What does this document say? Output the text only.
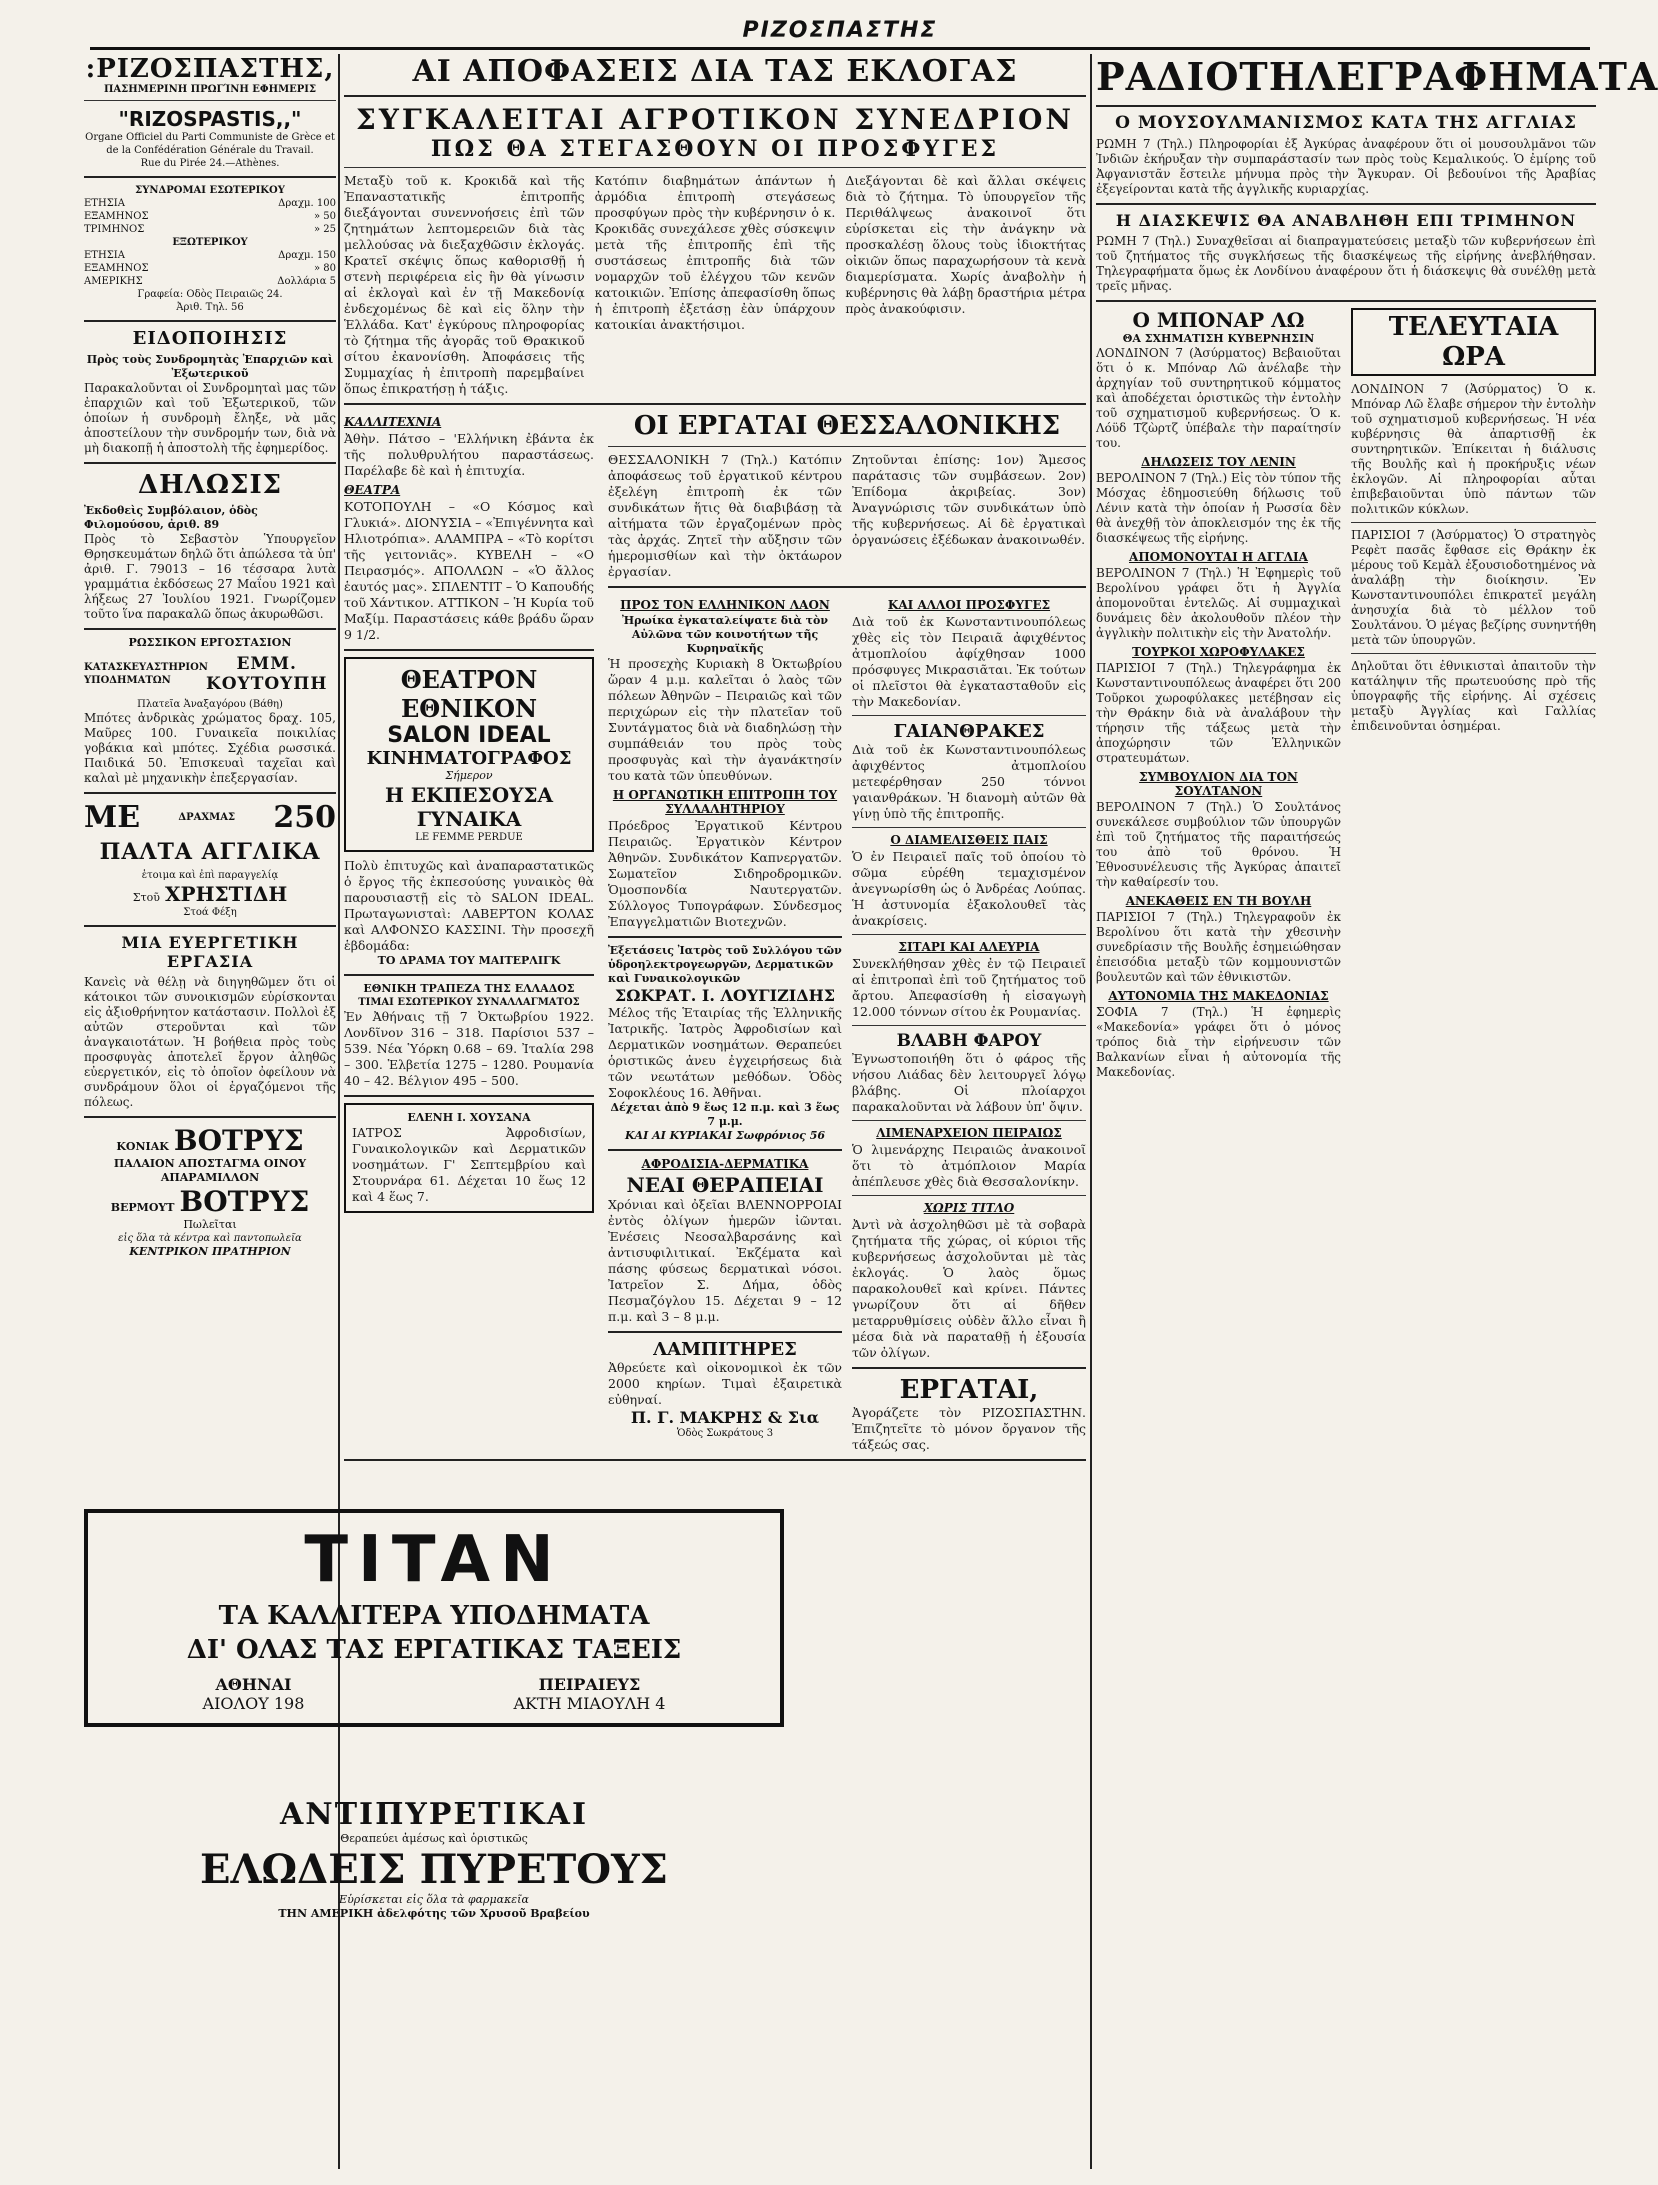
ΡΙΖΟΣΠΑΣΤΗΣ
:ΡΙΖΟΣΠΑΣΤΗΣ,
ΠΑΣΗΜΕΡΙΝΗ ΠΡΩΓΊΝΗ ΕΦΗΜΕΡΙΣ
"RIZOSPASTIS,,"
Organe Officiel du Parti Communiste de Grèce et de la Confédération Générale du Travail.
Rue du Pirée 24.—Athènes.
ΣΥΝΔΡΟΜΑΙ ΕΣΩΤΕΡΙΚΟΥ
ΕΤΗΣΙΑ	Δραχμ. 100
ΕΞΑΜΗΝΟΣ	» 50
ΤΡΙΜΗΝΟΣ	» 25
ΕΞΩΤΕΡΙΚΟΥ
ΕΤΗΣΙΑ	Δραχμ. 150
ΕΞΑΜΗΝΟΣ	» 80
ΑΜΕΡΙΚΗΣ	Δολλάρια 5
Γραφεία: Οδὸς Πειραιῶς 24.
Ἀριθ. Τηλ. 56
ΕΙΔΟΠΟΙΗΣΙΣ
Πρὸς τοὺς Συνδρομητὰς Ἐπαρχιῶν καὶ Ἐξωτερικοῦ
Παρακαλοῦνται οἱ Συνδρομηταὶ μας τῶν ἐπαρχιῶν καὶ τοῦ Ἐξωτερικοῦ, τῶν ὁποίων ἡ συνδρομὴ ἔληξε, νὰ μᾶς ἀποστείλουν τὴν συνδρομήν των, διὰ νὰ μὴ διακοπῇ ἡ ἀποστολὴ τῆς ἐφημερίδος.
ΔΗΛΩΣΙΣ
Ἐκδοθεὶς Συμβόλαιον, ὁδὸς Φιλομούσου, ἀριθ. 89
Πρὸς τὸ Σεβαστὸν Ὑπουργεῖον Θρησκευμάτων δηλῶ ὅτι ἀπώλεσα τὰ ὑπ' ἀριθ. Γ. 79013 – 16 τέσσαρα λυτὰ γραμμάτια ἐκδόσεως 27 Μαΐου 1921 καὶ λήξεως 27 Ἰουλίου 1921. Γνωρίζομεν τοῦτο ἵνα παρακαλῶ ὅπως ἀκυρωθῶσι.
ΡΩΣΣΙΚΟΝ ΕΡΓΟΣΤΑΣΙΟΝ
ΚΑΤΑΣΚΕΥΑΣΤΗΡΙΟΝ ΥΠΟΔΗΜΑΤΩΝ
ΕΜΜ. ΚΟΥΤΟΥΠΗ
Πλατεῖα Ἀναξαγόρου (Βάθη)
Μπότες ἀνδρικὰς χρώματος δραχ. 105, Μαῦρες 100. Γυναικεῖα ποικιλίας γοβάκια καὶ μπότες. Σχέδια ρωσσικά. Παιδικά 50. Ἐπισκευαὶ ταχεῖαι καὶ καλαὶ μὲ μηχανικὴν ἐπεξεργασίαν.
ΜΕ	ΔΡΑΧΜΑΣ 250
ΠΑΛΤΑ ΑΓΓΛΙΚΑ
ἑτοιμα καὶ ἐπὶ παραγγελίᾳ
Στοῦ ΧΡΗΣΤΙΔΗ
Στοά Φέξη
ΜΙΑ ΕΥΕΡΓΕΤΙΚΗ ΕΡΓΑΣΙΑ
Κανεὶς νὰ θέλῃ νὰ διηγηθῶμεν ὅτι οἱ κάτοικοι τῶν συνοικισμῶν εὑρίσκονται εἰς ἀξιοθρήνητον κατάστασιν. Πολλοὶ ἐξ αὐτῶν στεροῦνται καὶ τῶν ἀναγκαιοτάτων. Ἡ βοήθεια πρὸς τοὺς προσφυγὰς ἀποτελεῖ ἔργον ἀληθῶς εὐεργετικόν, εἰς τὸ ὁποῖον ὀφείλουν νὰ συνδράμουν ὅλοι οἱ ἐργαζόμενοι τῆς πόλεως.
ΚΟΝΙΑΚ ΒΟΤΡΥΣ
ΠΑΛΑΙΟΝ ΑΠΟΣΤΑΓΜΑ ΟΙΝΟΥ
ΑΠΑΡΑΜΙΛΛΟΝ
ΒΕΡΜΟΥΤ ΒΟΤΡΥΣ
Πωλεῖται
εἰς ὅλα τὰ κέντρα καὶ παντοπωλεῖα
ΚΕΝΤΡΙΚΟΝ ΠΡΑΤΗΡΙΟΝ
ΑΙ ΑΠΟΦΑΣΕΙΣ ΔΙΑ ΤΑΣ ΕΚΛΟΓΑΣ
ΣΥΓΚΑΛΕΙΤΑΙ ΑΓΡΟΤΙΚΟΝ ΣΥΝΕΔΡΙΟΝ
ΠΩΣ ΘΑ ΣΤΕΓΑΣΘΟΥΝ ΟΙ ΠΡΟΣΦΥΓΕΣ
Μεταξὺ τοῦ κ. Κροκιδᾶ καὶ τῆς Ἐπαναστατικῆς ἐπιτροπῆς διεξάγονται συνεννοήσεις ἐπὶ τῶν ζητημάτων λεπτομερειῶν διὰ τὰς μελλούσας νὰ διεξαχθῶσιν ἐκλογάς. Κρατεῖ σκέψις ὅπως καθορισθῇ ἡ στενὴ περιφέρεια εἰς ἣν θὰ γίνωσιν αἱ ἐκλογαὶ καὶ ἐν τῇ Μακεδονίᾳ ἐνδεχομένως δὲ καὶ εἰς ὅλην τὴν Ἑλλάδα. Κατ' ἐγκύρους πληροφορίας τὸ ζήτημα τῆς ἀγορᾶς τοῦ Θρακικοῦ σίτου ἐκανονίσθη. Ἀποφάσεις τῆς Συμμαχίας ἡ ἐπιτροπὴ παρεμβαίνει ὅπως ἐπικρατήσῃ ἡ τάξις.
Κατόπιν διαβημάτων ἁπάντων ἡ ἀρμόδια ἐπιτροπὴ στεγάσεως προσφύγων πρὸς τὴν κυβέρνησιν ὁ κ. Κροκιδᾶς συνεχάλεσε χθὲς σύσκεψιν μετὰ τῆς ἐπιτροπῆς ἐπὶ τῆς συστάσεως ἐπιτροπῆς διὰ τῶν νομαρχῶν τοῦ ἐλέγχου τῶν κενῶν κατοικιῶν. Ἐπίσης ἀπεφασίσθη ὅπως ἡ ἐπιτροπὴ ἐξετάσῃ ἐὰν ὑπάρχουν κατοικίαι ἀνακτήσιμοι.
Διεξάγονται δὲ καὶ ἄλλαι σκέψεις διὰ τὸ ζήτημα. Τὸ ὑπουργεῖον τῆς Περιθάλψεως ἀνακοινοῖ ὅτι εὑρίσκεται εἰς τὴν ἀνάγκην νὰ προσκαλέσῃ ὅλους τοὺς ἰδιοκτήτας οἰκιῶν ὅπως παραχωρήσουν τὰ κενὰ διαμερίσματα. Χωρίς ἀναβολὴν ἡ κυβέρνησις θὰ λάβῃ δραστήρια μέτρα πρὸς ἀνακούφισιν.
ΚΑΛΛΙΤΕΧΝΙΑ
Ἀθὴν. Πάτσο – 'Ελλήνικη ἐβάντα ἐκ τῆς πολυθρυλήτου παραστάσεως. Παρέλαβε δὲ καὶ ἡ ἐπιτυχία.
ΘΕΑΤΡΑ
ΚΟΤΟΠΟΥΛΗ – «Ο Κόσμος καὶ Γλυκιά». ΔΙΟΝΥΣΙΑ – «Ἐπιγέννητα καὶ Ηλιοτρόπια». ΑΛΑΜΠΡΑ – «Τὸ κορίτσι τῆς γειτονιᾶς». ΚΥΒΕΛΗ – «Ο Πειρασμός». ΑΠΟΛΛΩΝ – «Ὁ ἄλλος ἑαυτός μας». ΣΠΛΕΝΤΙΤ – Ὁ Καπουδής τοῦ Χάντικον. ΑΤΤΙΚΟΝ – Ἡ Κυρία τοῦ Μαξίμ. Παραστάσεις κάθε βράδυ ὥραν 9 1/2.
ΘΕΑΤΡΟΝ ΕΘΝΙΚΟΝ
SALON IDEAL
ΚΙΝΗΜΑΤΟΓΡΑΦΟΣ
Σήμερον
Η ΕΚΠΕΣΟΥΣΑ ΓΥΝΑΙΚΑ
LE FEMME PERDUE
Πολὺ ἐπιτυχῶς καὶ ἀναπαραστατικῶς ὁ ἔργος τῆς ἐκπεσούσης γυναικὸς θὰ παρουσιαστῇ εἰς τὸ SALON IDEAL. Πρωταγωνισταὶ: ΛΑΒΕΡΤΟΝ ΚΟΛΑΣ καὶ ΑΛΦΟΝΣΟ ΚΑΣΣΙΝΙ. Τὴν προσεχῆ ἑβδομάδα:
ΤΟ ΔΡΑΜΑ ΤΟΥ ΜΑΙΤΕΡΛΙΓΚ
ΕΘΝΙΚΗ ΤΡΑΠΕΖΑ ΤΗΣ ΕΛΛΑΔΟΣ
ΤΙΜΑΙ ΕΣΩΤΕΡΙΚΟΥ ΣΥΝΑΛΛΑΓΜΑΤΟΣ
Ἐν Ἀθήναις τῇ 7 Ὀκτωβρίου 1922. Λονδῖνον 316 – 318. Παρίσιοι 537 – 539. Νέα Ὑόρκη 0.68 – 69. Ἰταλία 298 – 300. Ἑλβετία 1275 – 1280. Ρουμανία 40 – 42. Βέλγιον 495 – 500.
ΕΛΕΝΗ Ι. ΧΟΥΣΑΝΑ
ΙΑΤΡΟΣ Ἀφροδισίων, Γυναικολογικῶν καὶ Δερματικῶν νοσημάτων. Γ' Σεπτεμβρίου καὶ Στουρνάρα 61. Δέχεται 10 ἕως 12 καὶ 4 ἕως 7.
ΟΙ ΕΡΓΑΤΑΙ ΘΕΣΣΑΛΟΝΙΚΗΣ
ΘΕΣΣΑΛΟΝΙΚΗ 7 (Τηλ.) Κατόπιν ἀποφάσεως τοῦ ἐργατικοῦ κέντρου ἐξελέγη ἐπιτροπὴ ἐκ τῶν συνδικάτων ἥτις θὰ διαβιβάσῃ τὰ αἰτήματα τῶν ἐργαζομένων πρὸς τὰς ἀρχάς. Ζητεῖ τὴν αὔξησιν τῶν ἡμερομισθίων καὶ τὴν ὀκτάωρον ἐργασίαν.
Ζητοῦνται ἐπίσης: 1ον) Ἄμεσος παράτασις τῶν συμβάσεων. 2ον) Ἐπίδομα ἀκριβείας. 3ον) Ἀναγνώρισις τῶν συνδικάτων ὑπὸ τῆς κυβερνήσεως. Αἱ δὲ ἐργατικαὶ ὀργανώσεις ἐξέδωκαν ἀνακοινωθέν.
ΠΡΟΣ ΤΟΝ ΕΛΛΗΝΙΚΟΝ ΛΑΟΝ
Ἠρωίκα ἐγκαταλείψατε διὰ τὸν Αὐλῶνα τῶν κοινοτήτων τῆς Κυρηναϊκῆς
Ἡ προσεχὴς Κυριακὴ 8 Ὀκτωβρίου ὥραν 4 μ.μ. καλεῖται ὁ λαὸς τῶν πόλεων Ἀθηνῶν – Πειραιῶς καὶ τῶν περιχώρων εἰς τὴν πλατεῖαν τοῦ Συντάγματος διὰ νὰ διαδηλώσῃ τὴν συμπάθειάν του πρὸς τοὺς προσφυγὰς καὶ τὴν ἀγανάκτησίν του κατὰ τῶν ὑπευθύνων.
Η ΟΡΓΑΝΩΤΙΚΗ ΕΠΙΤΡΟΠΗ ΤΟΥ ΣΥΛΛΑΛΗΤΗΡΙΟΥ
Πρόεδρος Ἐργατικοῦ Κέντρου Πειραιῶς. Ἐργατικὸν Κέντρον Ἀθηνῶν. Συνδικάτον Καπνεργατῶν. Σωματεῖον Σιδηροδρομικῶν. Ὁμοσπονδία Ναυτεργατῶν. Σύλλογος Τυπογράφων. Σύνδεσμος Ἐπαγγελματιῶν Βιοτεχνῶν.
Ἐξετάσεις Ἰατρὸς τοῦ Συλλόγου τῶν ὑδροηλεκτρογεωργῶν, Δερματικῶν καὶ Γυναικολογικῶν
ΣΩΚΡΑΤ. Ι. ΛΟΥΓΙΖΙΔΗΣ
Μέλος τῆς Ἑταιρίας τῆς Ἑλληνικῆς Ἰατρικῆς. Ἰατρὸς Ἀφροδισίων καὶ Δερματικῶν νοσημάτων. Θεραπεύει ὁριστικῶς ἀνευ ἐγχειρήσεως διὰ τῶν νεωτάτων μεθόδων. Ὁδὸς Σοφοκλέους 16. Ἀθῆναι.
Δέχεται ἀπὸ 9 ἕως 12 π.μ. καὶ 3 ἕως 7 μ.μ.
ΚΑΙ ΑΙ ΚΥΡΙΑΚΑΙ Σωφρόνιος 56
ΑΦΡΟΔΙΣΙΑ-ΔΕΡΜΑΤΙΚΑ
ΝΕΑΙ ΘΕΡΑΠΕΙΑΙ
Χρόνιαι καὶ ὀξεῖαι ΒΛΕΝΝΟΡΡΟΙΑΙ ἐντὸς ὀλίγων ἡμερῶν ἰῶνται. Ἐνέσεις Νεοσαλβαρσάνης καὶ ἀντισυφιλιτικαί. Ἐκζέματα καὶ πάσης φύσεως δερματικαὶ νόσοι. Ἰατρεῖον Σ. Δήμα, ὁδὸς Πεσμαζόγλου 15. Δέχεται 9 – 12 π.μ. καὶ 3 – 8 μ.μ.
ΛΑΜΠΙΤΗΡΕΣ
Ἀθρεύετε καὶ οἰκονομικοὶ ἐκ τῶν 2000 κηρίων. Τιμαὶ ἐξαιρετικὰ εὐθηναί.
Π. Γ. ΜΑΚΡΗΣ & Σια
Ὁδὸς Σωκράτους 3
ΚΑΙ ΑΛΛΟΙ ΠΡΟΣΦΥΓΕΣ
Διὰ τοῦ ἐκ Κωνσταντινουπόλεως χθὲς εἰς τὸν Πειραιᾶ ἀφιχθέντος ἀτμοπλοίου ἀφίχθησαν 1000 πρόσφυγες Μικρασιᾶται. Ἐκ τούτων οἱ πλεῖστοι θὰ ἐγκατασταθοῦν εἰς τὴν Μακεδονίαν.
ΓΑΙΑΝΘΡΑΚΕΣ
Διὰ τοῦ ἐκ Κωνσταντινουπόλεως ἀφιχθέντος ἀτμοπλοίου μετεφέρθησαν 250 τόννοι γαιανθράκων. Ἡ διανομὴ αὐτῶν θὰ γίνῃ ὑπὸ τῆς ἐπιτροπῆς.
Ο ΔΙΑΜΕΛΙΣΘΕΙΣ ΠΑΙΣ
Ὁ ἐν Πειραιεῖ παῖς τοῦ ὁποίου τὸ σῶμα εὑρέθη τεμαχισμένον ἀνεγνωρίσθη ὡς ὁ Ἀνδρέας Λούπας. Ἡ ἀστυνομία ἐξακολουθεῖ τὰς ἀνακρίσεις.
ΣΙΤΑΡΙ ΚΑΙ ΑΛΕΥΡΙΑ
Συνεκλήθησαν χθὲς ἐν τῷ Πειραιεῖ αἱ ἐπιτροπαὶ ἐπὶ τοῦ ζητήματος τοῦ ἄρτου. Ἀπεφασίσθη ἡ εἰσαγωγὴ 12.000 τόννων σίτου ἐκ Ρουμανίας.
ΒΛΑΒΗ ΦΑΡΟΥ
Ἐγνωστοποιήθη ὅτι ὁ φάρος τῆς νήσου Λιάδας δὲν λειτουργεῖ λόγῳ βλάβης. Οἱ πλοίαρχοι παρακαλοῦνται νὰ λάβουν ὑπ' ὄψιν.
ΛΙΜΕΝΑΡΧΕΙΟΝ ΠΕΙΡΑΙΩΣ
Ὁ λιμενάρχης Πειραιῶς ἀνακοινοῖ ὅτι τὸ ἀτμόπλοιον Μαρία ἀπέπλευσε χθὲς διὰ Θεσσαλονίκην.
ΧΩΡΙΣ ΤΙΤΛΟ
Ἀντὶ νὰ ἀσχοληθῶσι μὲ τὰ σοβαρὰ ζητήματα τῆς χώρας, οἱ κύριοι τῆς κυβερνήσεως ἀσχολοῦνται μὲ τὰς ἐκλογάς. Ὁ λαὸς ὅμως παρακολουθεῖ καὶ κρίνει. Πάντες γνωρίζουν ὅτι αἱ δῆθεν μεταρρυθμίσεις οὐδὲν ἄλλο εἶναι ἢ μέσα διὰ νὰ παραταθῇ ἡ ἐξουσία τῶν ὀλίγων.
ΕΡΓΑΤΑΙ,
Ἀγοράζετε τὸν ΡΙΖΟΣΠΑΣΤΗΝ. Ἐπιζητεῖτε τὸ μόνον ὄργανον τῆς τάξεώς σας.
TITAN
ΤΑ ΚΑΛΛΙΤΕΡΑ ΥΠΟΔΗΜΑΤΑ
ΔΙ' ΟΛΑΣ ΤΑΣ ΕΡΓΑΤΙΚΑΣ ΤΑΞΕΙΣ
ΑΘΗΝΑΙ
ΑΙΟΛΟΥ 198
ΠΕΙΡΑΙΕΥΣ
ΑΚΤΗ ΜΙΑΟΥΛΗ 4
ΑΝΤΙΠΥΡΕΤΙΚΑΙ
Θεραπεύει ἀμέσως καὶ ὁριστικῶς
ΕΛΩΔΕΙΣ ΠΥΡΕΤΟΥΣ
Εὑρίσκεται εἰς ὅλα τὰ φαρμακεῖα
ΤΗΝ ΑΜΕΡΙΚΗ ἀδελφότης τῶν Χρυσοῦ Βραβείου
ΡΑΔΙΟΤΗΛΕΓΡΑΦΗΜΑΤΑ
Ο ΜΟΥΣΟΥΛΜΑΝΙΣΜΟΣ ΚΑΤΑ ΤΗΣ ΑΓΓΛΙΑΣ
ΡΩΜΗ 7 (Τηλ.) Πληροφορίαι ἐξ Ἀγκύρας ἀναφέρουν ὅτι οἱ μουσουλμᾶνοι τῶν Ἰνδιῶν ἐκήρυξαν τὴν συμπαράστασίν των πρὸς τοὺς Κεμαλικούς. Ὁ ἐμίρης τοῦ Ἀφγανιστᾶν ἔστειλε μήνυμα πρὸς τὴν Ἄγκυραν. Οἱ βεδουίνοι τῆς Ἀραβίας ἐξεγείρονται κατὰ τῆς ἀγγλικῆς κυριαρχίας.
Η ΔΙΑΣΚΕΨΙΣ ΘΑ ΑΝΑΒΛΗΘΗ ΕΠΙ ΤΡΙΜΗΝΟΝ
ΡΩΜΗ 7 (Τηλ.) Συναχθεῖσαι αἱ διαπραγματεύσεις μεταξὺ τῶν κυβερνήσεων ἐπὶ τοῦ ζητήματος τῆς συγκλήσεως τῆς διασκέψεως τῆς εἰρήνης ἀνεβλήθησαν. Τηλεγραφήματα ὅμως ἐκ Λονδίνου ἀναφέρουν ὅτι ἡ διάσκεψις θὰ συνέλθῃ μετὰ τρεῖς μῆνας.
Ο ΜΠΟΝΑΡ ΛΩ
ΘΑ ΣΧΗΜΑΤΙΣΗ ΚΥΒΕΡΝΗΣΙΝ
ΛΟΝΔΙΝΟΝ 7 (Ἀσύρματος) Βεβαιοῦται ὅτι ὁ κ. Μπόναρ Λῶ ἀνέλαβε τὴν ἀρχηγίαν τοῦ συντηρητικοῦ κόμματος καὶ ἀποδέχεται ὁριστικῶς τὴν ἐντολὴν τοῦ σχηματισμοῦ κυβερνήσεως. Ὁ κ. Λόϋδ Τζὼρτζ ὑπέβαλε τὴν παραίτησίν του.
ΔΗΛΩΣΕΙΣ ΤΟΥ ΛΕΝΙΝ
ΒΕΡΟΛΙΝΟΝ 7 (Τηλ.) Εἰς τὸν τύπον τῆς Μόσχας ἐδημοσιεύθη δήλωσις τοῦ Λένιν κατὰ τὴν ὁποίαν ἡ Ρωσσία δὲν θὰ ἀνεχθῇ τὸν ἀποκλεισμόν της ἐκ τῆς διασκέψεως τῆς εἰρήνης.
ΑΠΟΜΟΝΟΥΤΑΙ Η ΑΓΓΛΙΑ
ΒΕΡΟΛΙΝΟΝ 7 (Τηλ.) Ἡ Ἐφημερὶς τοῦ Βερολίνου γράφει ὅτι ἡ Ἀγγλία ἀπομονοῦται ἐντελῶς. Αἱ συμμαχικαὶ δυνάμεις δὲν ἀκολουθοῦν πλέον τὴν ἀγγλικὴν πολιτικὴν εἰς τὴν Ἀνατολήν.
ΤΟΥΡΚΟΙ ΧΩΡΟΦΥΛΑΚΕΣ
ΠΑΡΙΣΙΟΙ 7 (Τηλ.) Τηλεγράφημα ἐκ Κωνσταντινουπόλεως ἀναφέρει ὅτι 200 Τοῦρκοι χωροφύλακες μετέβησαν εἰς τὴν Θράκην διὰ νὰ ἀναλάβουν τὴν τήρησιν τῆς τάξεως μετὰ τὴν ἀποχώρησιν τῶν Ἑλληνικῶν στρατευμάτων.
ΣΥΜΒΟΥΛΙΟΝ ΔΙΑ ΤΟΝ ΣΟΥΛΤΑΝΟΝ
ΒΕΡΟΛΙΝΟΝ 7 (Τηλ.) Ὁ Σουλτάνος συνεκάλεσε συμβούλιον τῶν ὑπουργῶν ἐπὶ τοῦ ζητήματος τῆς παραιτήσεώς του ἀπὸ τοῦ θρόνου. Ἡ Ἐθνοσυνέλευσις τῆς Ἀγκύρας ἀπαιτεῖ τὴν καθαίρεσίν του.
ΑΝΕΚΑΘΕΙΣ ΕΝ ΤΗ ΒΟΥΛΗ
ΠΑΡΙΣΙΟΙ 7 (Τηλ.) Τηλεγραφοῦν ἐκ Βερολίνου ὅτι κατὰ τὴν χθεσινὴν συνεδρίασιν τῆς Βουλῆς ἐσημειώθησαν ἐπεισόδια μεταξὺ τῶν κομμουνιστῶν βουλευτῶν καὶ τῶν ἐθνικιστῶν.
ΑΥΤΟΝΟΜΙΑ ΤΗΣ ΜΑΚΕΔΟΝΙΑΣ
ΣΟΦΙΑ 7 (Τηλ.) Ἡ ἐφημερὶς «Μακεδονία» γράφει ὅτι ὁ μόνος τρόπος διὰ τὴν εἰρήνευσιν τῶν Βαλκανίων εἶναι ἡ αὐτονομία τῆς Μακεδονίας.
ΤΕΛΕΥΤΑΙΑ ΩΡΑ
ΛΟΝΔΙΝΟΝ 7 (Ἀσύρματος) Ὁ κ. Μπόναρ Λῶ ἔλαβε σήμερον τὴν ἐντολὴν τοῦ σχηματισμοῦ κυβερνήσεως. Ἡ νέα κυβέρνησις θὰ ἀπαρτισθῇ ἐκ συντηρητικῶν. Ἐπίκειται ἡ διάλυσις τῆς Βουλῆς καὶ ἡ προκήρυξις νέων ἐκλογῶν. Αἱ πληροφορίαι αὗται ἐπιβεβαιοῦνται ὑπὸ πάντων τῶν πολιτικῶν κύκλων.
ΠΑΡΙΣΙΟΙ 7 (Ἀσύρματος) Ὁ στρατηγὸς Ρεφὲτ πασᾶς ἔφθασε εἰς Θράκην ἐκ μέρους τοῦ Κεμὰλ ἐξουσιοδοτημένος νὰ ἀναλάβῃ τὴν διοίκησιν. Ἐν Κωνσταντινουπόλει ἐπικρατεῖ μεγάλη ἀνησυχία διὰ τὸ μέλλον τοῦ Σουλτάνου. Ὁ μέγας βεζίρης συνηντήθη μετὰ τῶν ὑπουργῶν.
Δηλοῦται ὅτι ἐθνικισταὶ ἀπαιτοῦν τὴν κατάληψιν τῆς πρωτευούσης πρὸ τῆς ὑπογραφῆς τῆς εἰρήνης. Αἱ σχέσεις μεταξὺ Ἀγγλίας καὶ Γαλλίας ἐπιδεινοῦνται ὁσημέραι.
